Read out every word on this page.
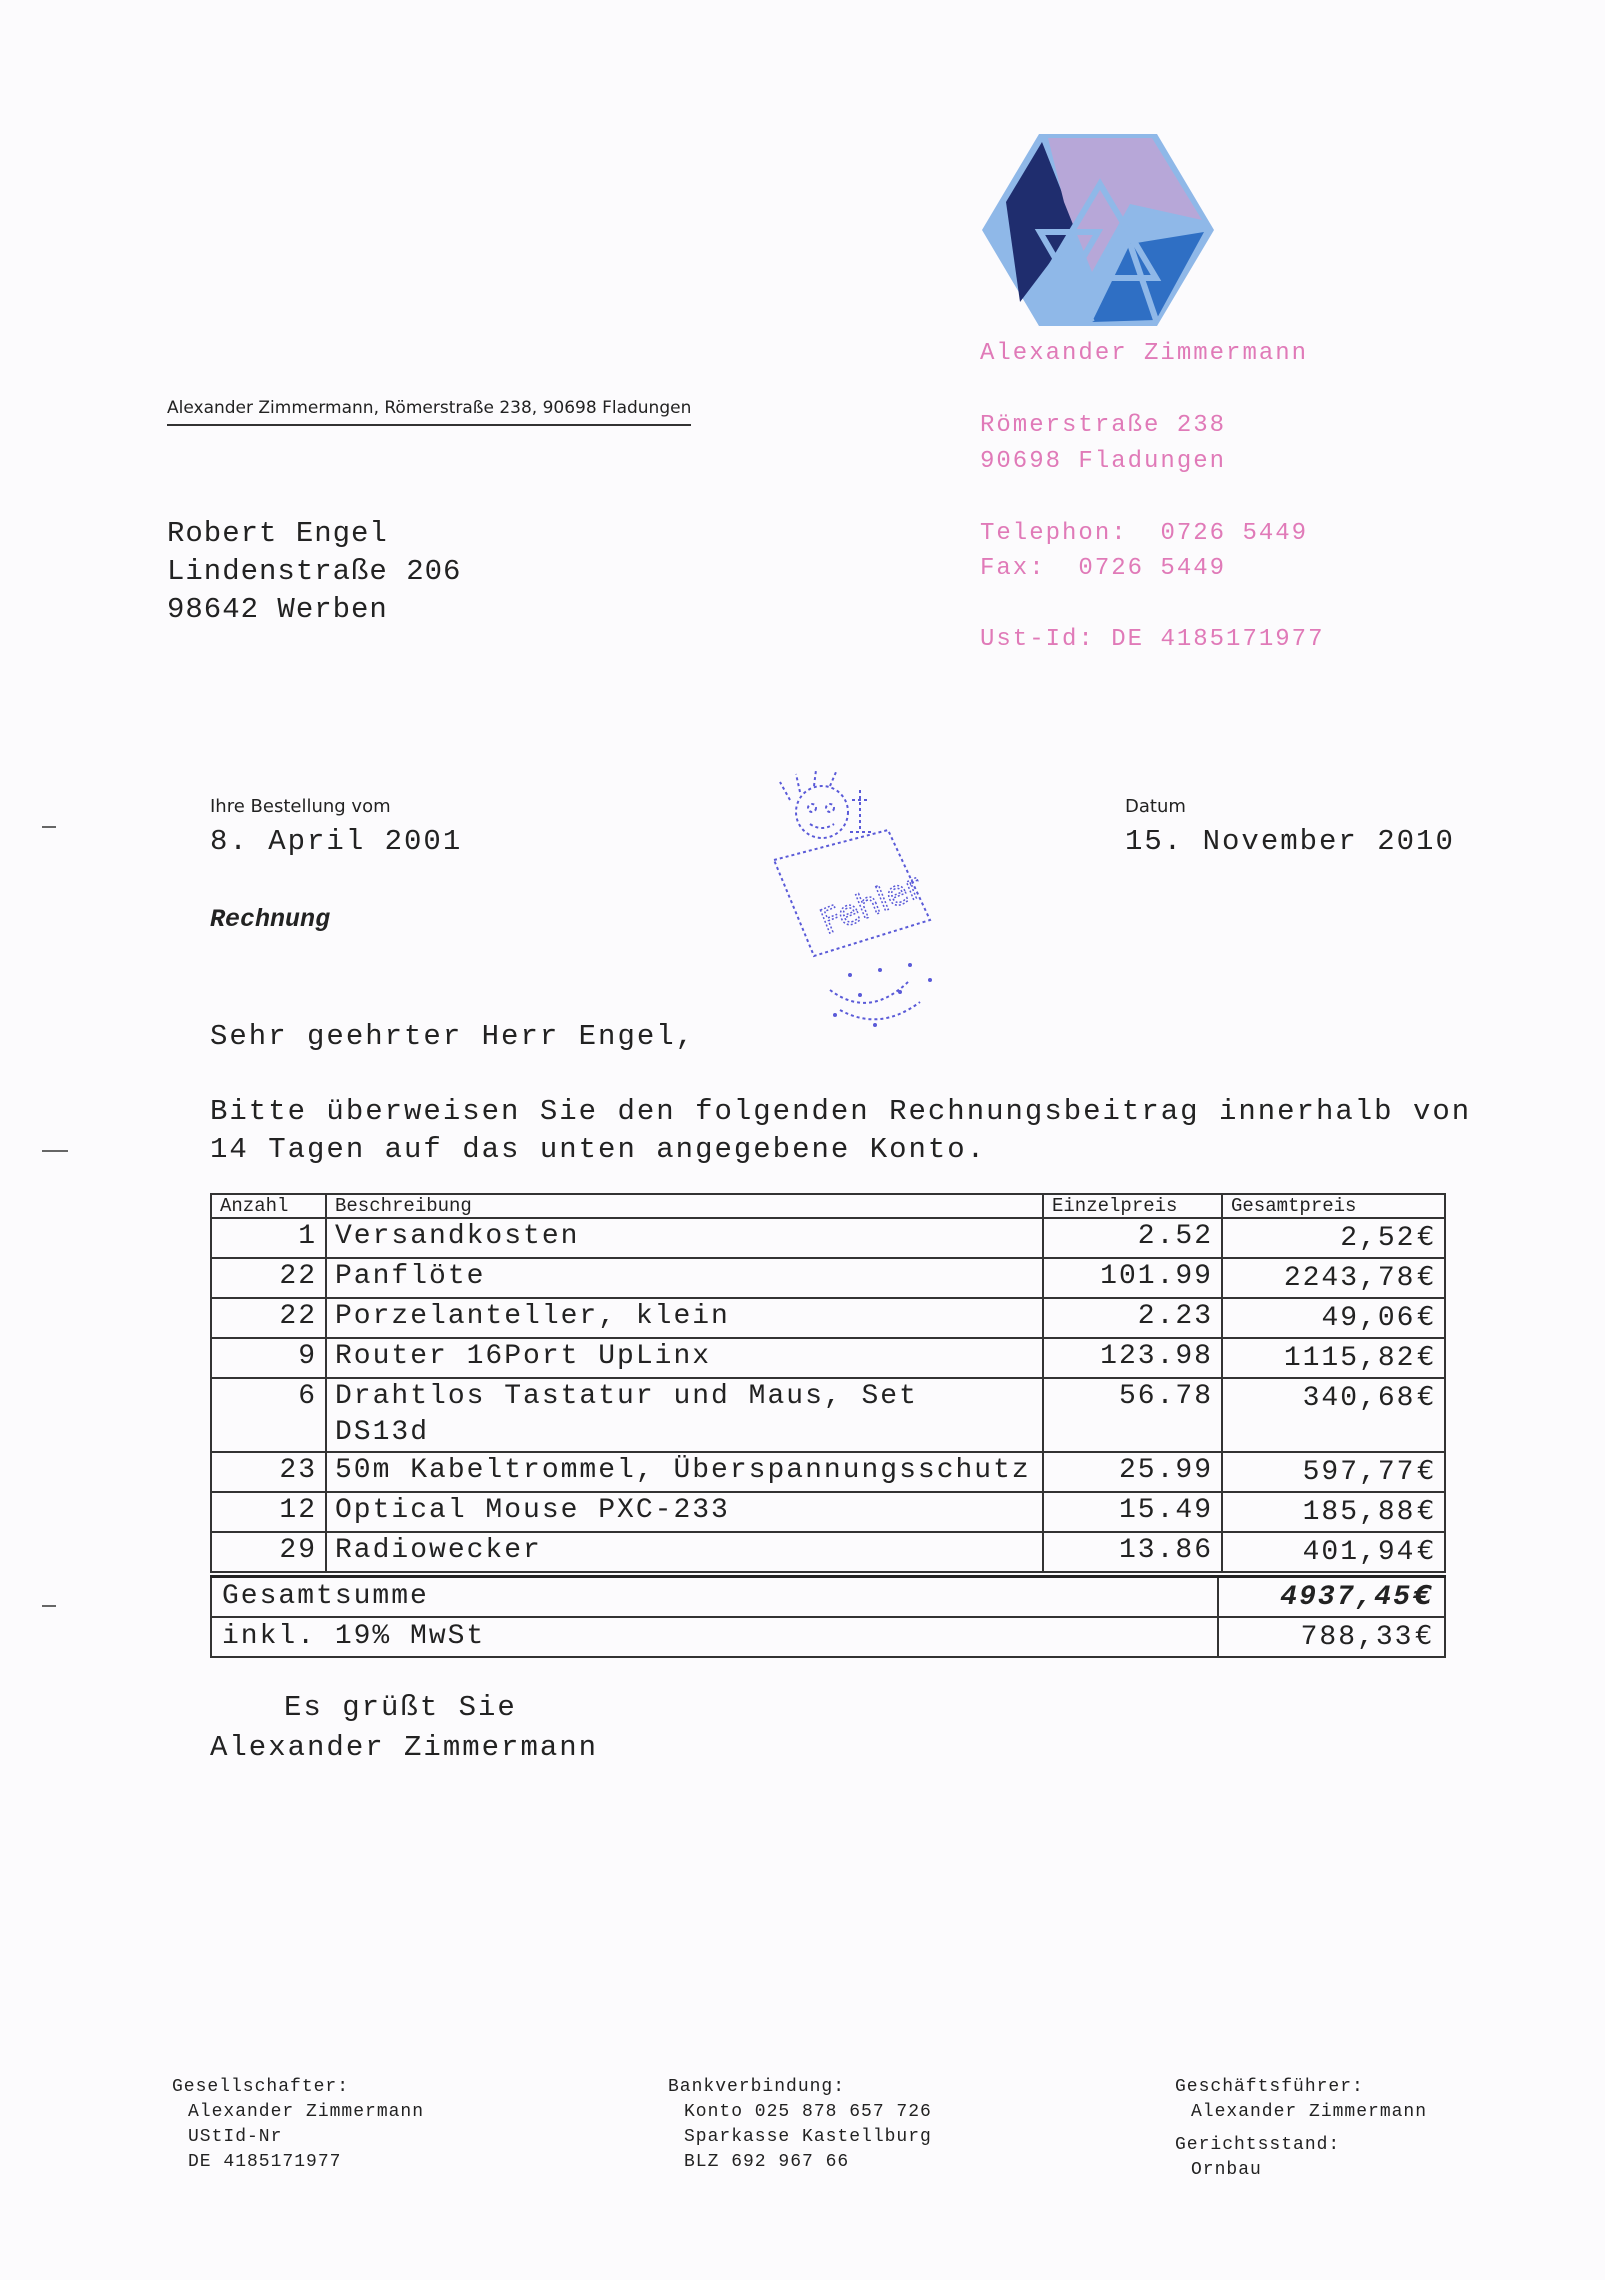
Alexander Zimmermann
Römerstraße 238
90698 Fladungen
Telephon: 0726 5449
Fax: 0726 5449
Ust-Id: DE 4185171977
Alexander Zimmermann, Römerstraße 238, 90698 Fladungen
Robert Engel
Lindenstraße 206
98642 Werben
Ihre Bestellung vom
8. April 2001
Datum
15. November 2010
Fehler
Rechnung
Sehr geehrter Herr Engel,
Bitte überweisen Sie den folgenden Rechnungsbeitrag innerhalb von
14 Tagen auf das unten angegebene Konto.
Anzahl	Beschreibung	Einzelpreis	Gesamtpreis
1	Versandkosten	2.52	2,52€
22	Panflöte	101.99	2243,78€
22	Porzelanteller, klein	2.23	49,06€
9	Router 16Port UpLinx	123.98	1115,82€
6	Drahtlos Tastatur und Maus, Set
DS13d	56.78	340,68€
23	50m Kabeltrommel, Überspannungsschutz	25.99	597,77€
12	Optical Mouse PXC-233	15.49	185,88€
29	Radiowecker	13.86	401,94€
Gesamtsumme	4937,45€
inkl. 19% MwSt	788,33€
Es grüßt Sie
Alexander Zimmermann
Gesellschafter:
Alexander Zimmermann
UStId-Nr
DE 4185171977
Bankverbindung:
Konto 025 878 657 726
Sparkasse Kastellburg
BLZ 692 967 66
Geschäftsführer:
Alexander Zimmermann
Gerichtsstand:
Ornbau
